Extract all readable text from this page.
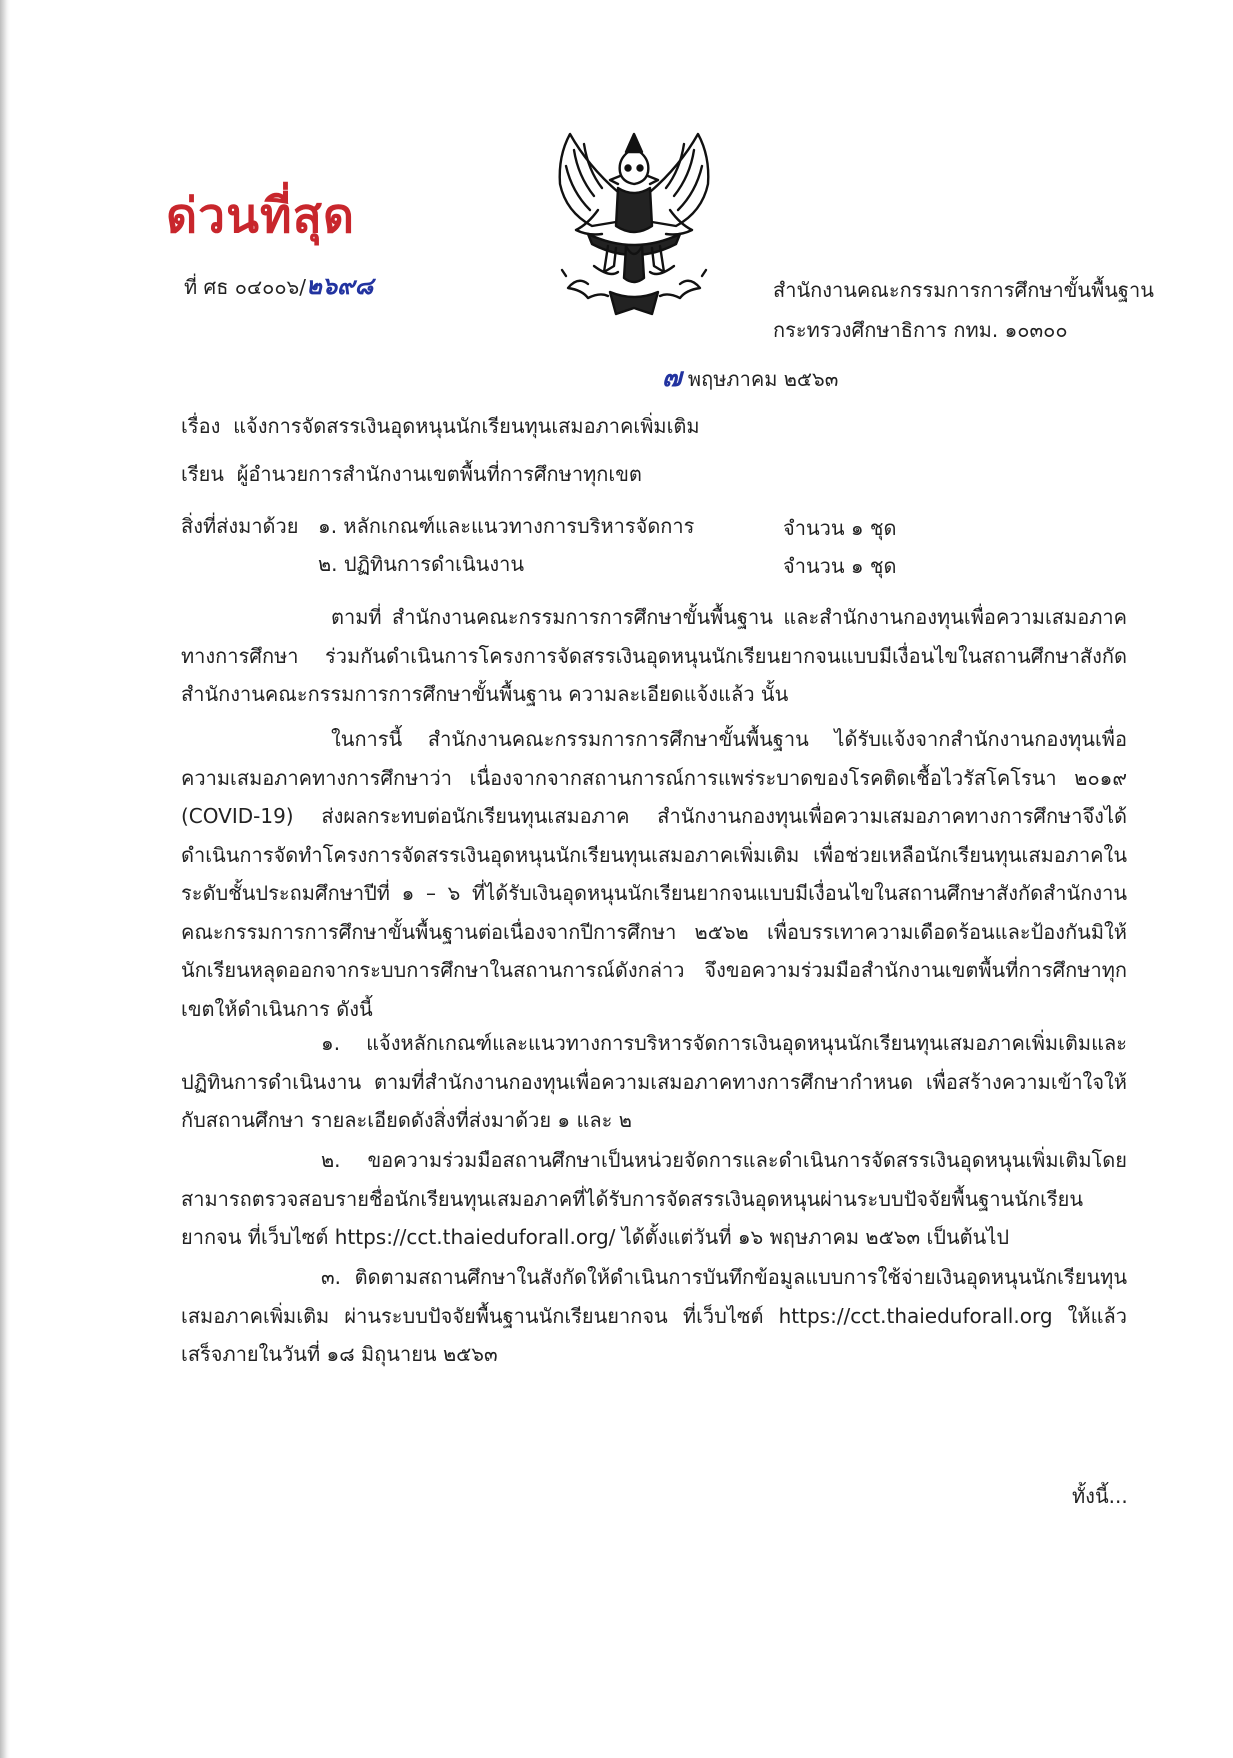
ด่วนที่สุด
ที่ ศธ ๐๔๐๐๖/๒๖๙๘	สำนักงานคณะกรรมการการศึกษาขั้นพื้นฐาน
กระทรวงศึกษาธิการ กทม. ๑๐๓๐๐
๗ พฤษภาคม ๒๕๖๓
เรื่อง แจ้งการจัดสรรเงินอุดหนุนนักเรียนทุนเสมอภาคเพิ่มเติม
เรียน ผู้อำนวยการสำนักงานเขตพื้นที่การศึกษาทุกเขต
สิ่งที่ส่งมาด้วย ๑. หลักเกณฑ์และแนวทางการบริหารจัดการ	จำนวน ๑ ชุด
๒. ปฏิทินการดำเนินงาน	จำนวน ๑ ชุด
ตามที่ สำนักงานคณะกรรมการการศึกษาขั้นพื้นฐาน และสำนักงานกองทุนเพื่อความเสมอภาคทางการศึกษา ร่วมกันดำเนินการโครงการจัดสรรเงินอุดหนุนนักเรียนยากจนแบบมีเงื่อนไขในสถานศึกษาสังกัดสำนักงานคณะกรรมการการศึกษาขั้นพื้นฐาน ความละเอียดแจ้งแล้ว นั้น
ในการนี้ สำนักงานคณะกรรมการการศึกษาขั้นพื้นฐาน ได้รับแจ้งจากสำนักงานกองทุนเพื่อความเสมอภาคทางการศึกษาว่า เนื่องจากจากสถานการณ์การแพร่ระบาดของโรคติดเชื้อไวรัสโคโรนา ๒๐๑๙ (COVID-19) ส่งผลกระทบต่อนักเรียนทุนเสมอภาค สำนักงานกองทุนเพื่อความเสมอภาคทางการศึกษาจึงได้ดำเนินการจัดทำโครงการจัดสรรเงินอุดหนุนนักเรียนทุนเสมอภาคเพิ่มเติม เพื่อช่วยเหลือนักเรียนทุนเสมอภาคในระดับชั้นประถมศึกษาปีที่ ๑ – ๖ ที่ได้รับเงินอุดหนุนนักเรียนยากจนแบบมีเงื่อนไขในสถานศึกษาสังกัดสำนักงานคณะกรรมการการศึกษาขั้นพื้นฐานต่อเนื่องจากปีการศึกษา ๒๕๖๒ เพื่อบรรเทาความเดือดร้อนและป้องกันมิให้นักเรียนหลุดออกจากระบบการศึกษาในสถานการณ์ดังกล่าว จึงขอความร่วมมือสำนักงานเขตพื้นที่การศึกษาทุกเขตให้ดำเนินการ ดังนี้
๑. แจ้งหลักเกณฑ์และแนวทางการบริหารจัดการเงินอุดหนุนนักเรียนทุนเสมอภาคเพิ่มเติมและปฏิทินการดำเนินงาน ตามที่สำนักงานกองทุนเพื่อความเสมอภาคทางการศึกษากำหนด เพื่อสร้างความเข้าใจให้กับสถานศึกษา รายละเอียดดังสิ่งที่ส่งมาด้วย ๑ และ ๒
๒. ขอความร่วมมือสถานศึกษาเป็นหน่วยจัดการและดำเนินการจัดสรรเงินอุดหนุนเพิ่มเติมโดยสามารถตรวจสอบรายชื่อนักเรียนทุนเสมอภาคที่ได้รับการจัดสรรเงินอุดหนุนผ่านระบบปัจจัยพื้นฐานนักเรียนยากจน ที่เว็บไซต์ https://cct.thaieduforall.org/ ได้ตั้งแต่วันที่ ๑๖ พฤษภาคม ๒๕๖๓ เป็นต้นไป
๓. ติดตามสถานศึกษาในสังกัดให้ดำเนินการบันทึกข้อมูลแบบการใช้จ่ายเงินอุดหนุนนักเรียนทุนเสมอภาคเพิ่มเติม ผ่านระบบปัจจัยพื้นฐานนักเรียนยากจน ที่เว็บไซต์ https://cct.thaieduforall.org ให้แล้วเสร็จภายในวันที่ ๑๘ มิถุนายน ๒๕๖๓
ทั้งนี้...
